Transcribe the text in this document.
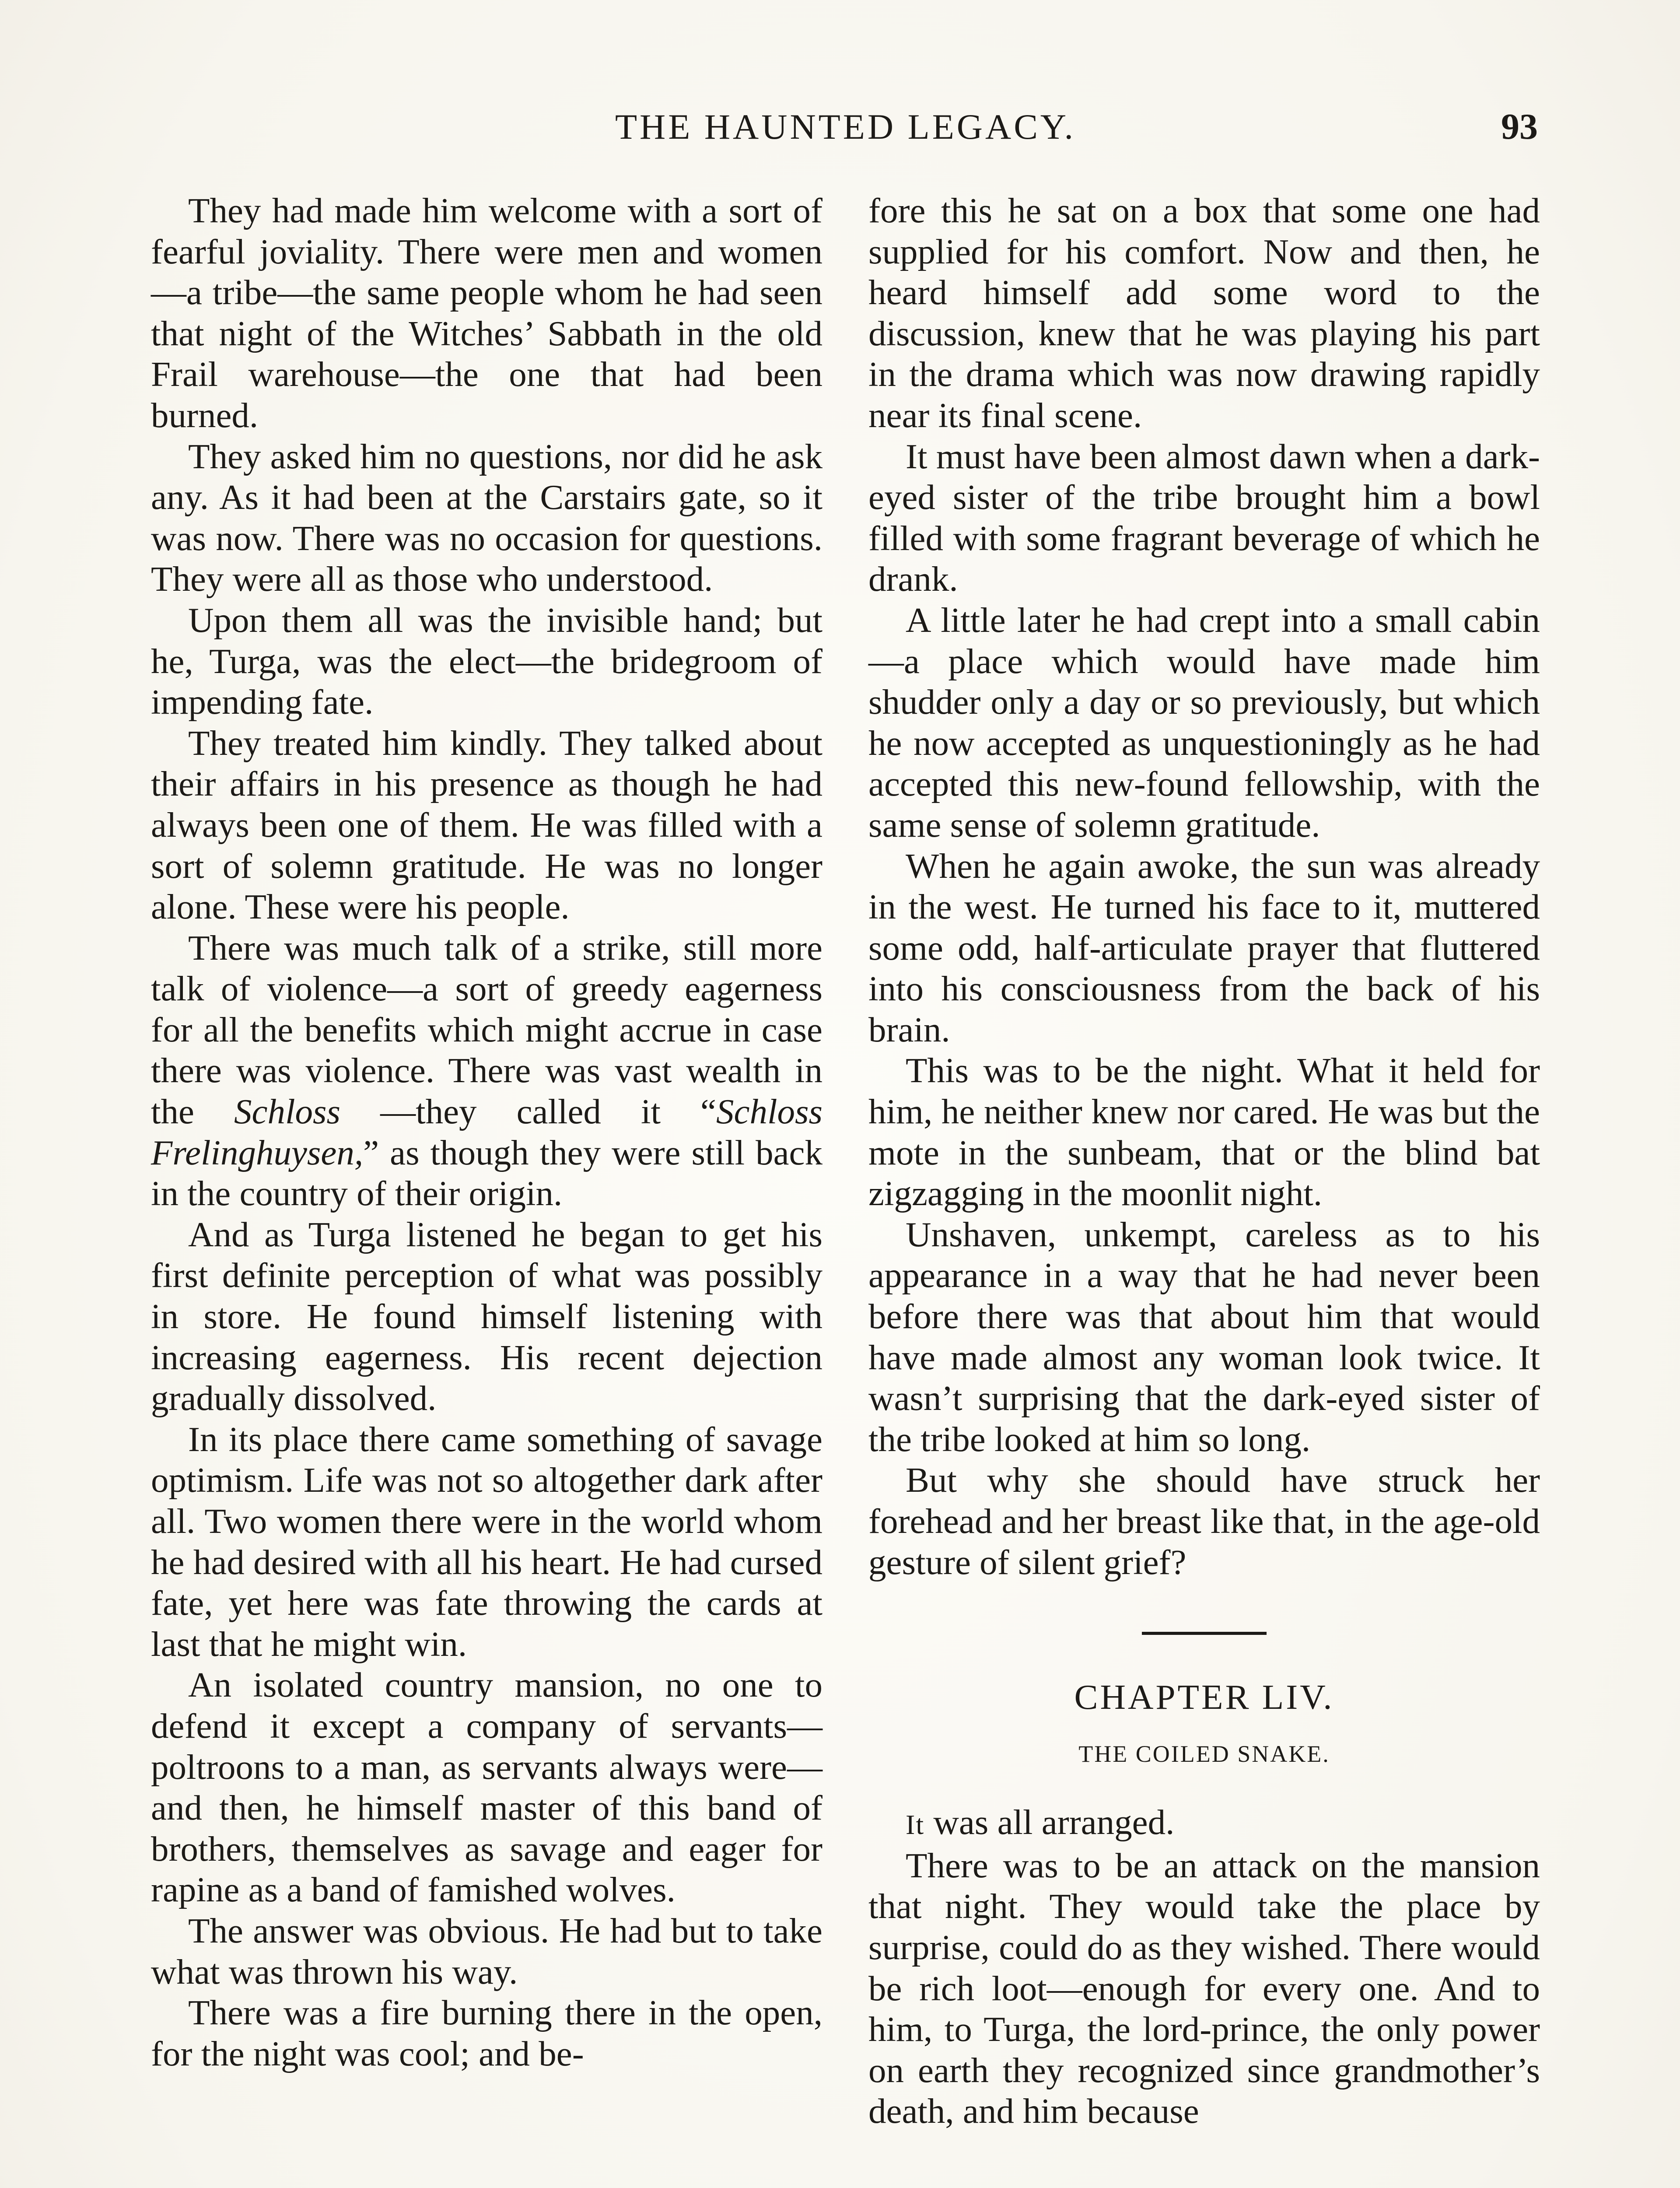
THE HAUNTED LEGACY.	93

They had made him welcome with a sort of fearful joviality. There were men and women—a tribe—the same people whom he had seen that night of the Witches’ Sabbath in the old Frail warehouse—the one that had been burned.

They asked him no questions, nor did he ask any. As it had been at the Carstairs gate, so it was now. There was no occasion for questions. They were all as those who understood.

Upon them all was the invisible hand; but he, Turga, was the elect—the bridegroom of impending fate.

They treated him kindly. They talked about their affairs in his presence as though he had always been one of them. He was filled with a sort of solemn gratitude. He was no longer alone. These were his people.

There was much talk of a strike, still more talk of violence—a sort of greedy eagerness for all the benefits which might accrue in case there was violence. There was vast wealth in the Schloss —they called it “Schloss Frelinghuysen,” as though they were still back in the country of their origin.

And as Turga listened he began to get his first definite perception of what was possibly in store. He found himself listening with increasing eagerness. His recent dejection gradually dissolved.

In its place there came something of savage optimism. Life was not so altogether dark after all. Two women there were in the world whom he had desired with all his heart. He had cursed fate, yet here was fate throwing the cards at last that he might win.

An isolated country mansion, no one to defend it except a company of servants—poltroons to a man, as servants always were—and then, he himself master of this band of brothers, themselves as savage and eager for rapine as a band of famished wolves.

The answer was obvious. He had but to take what was thrown his way.

There was a fire burning there in the open, for the night was cool; and be-

fore this he sat on a box that some one had supplied for his comfort. Now and then, he heard himself add some word to the discussion, knew that he was playing his part in the drama which was now drawing rapidly near its final scene.

It must have been almost dawn when a dark-eyed sister of the tribe brought him a bowl filled with some fragrant beverage of which he drank.

A little later he had crept into a small cabin—a place which would have made him shudder only a day or so previously, but which he now accepted as unquestioningly as he had accepted this new-found fellowship, with the same sense of solemn gratitude.

When he again awoke, the sun was already in the west. He turned his face to it, muttered some odd, half-articulate prayer that fluttered into his consciousness from the back of his brain.

This was to be the night. What it held for him, he neither knew nor cared. He was but the mote in the sunbeam, that or the blind bat zigzagging in the moonlit night.

Unshaven, unkempt, careless as to his appearance in a way that he had never been before there was that about him that would have made almost any woman look twice. It wasn’t surprising that the dark-eyed sister of the tribe looked at him so long.

But why she should have struck her forehead and her breast like that, in the age-old gesture of silent grief?

CHAPTER LIV.
THE COILED SNAKE.

It was all arranged.

There was to be an attack on the mansion that night. They would take the place by surprise, could do as they wished. There would be rich loot—enough for every one. And to him, to Turga, the lord-prince, the only power on earth they recognized since grandmother’s death, and him because
